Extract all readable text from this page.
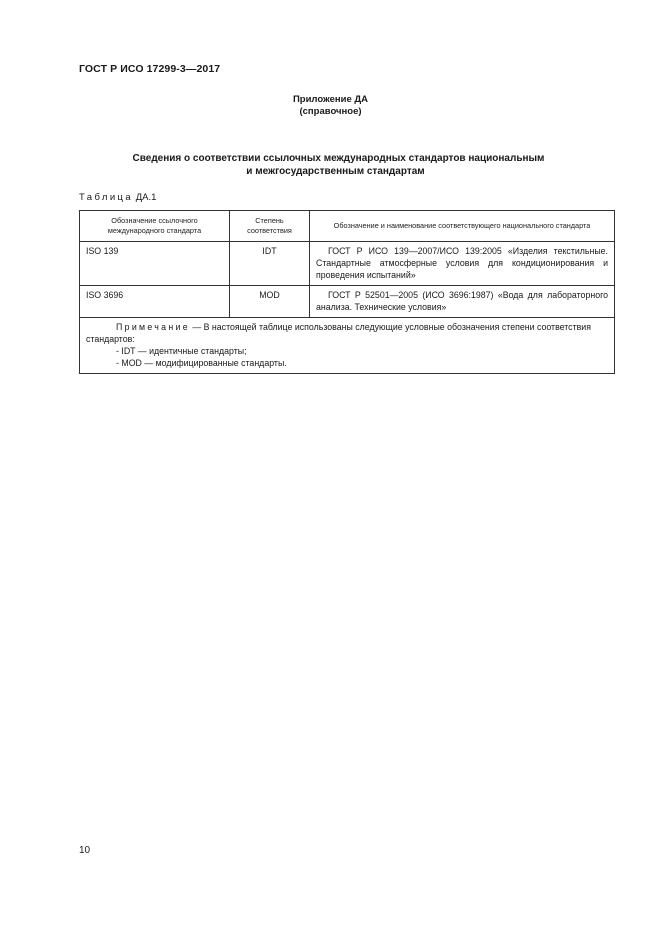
ГОСТ Р ИСО 17299-3—2017
Приложение ДА
(справочное)
Сведения о соответствии ссылочных международных стандартов национальным
и межгосударственным стандартам
Таблица ДА.1
Обозначение ссылочного международного стандарта	Степень соответствия	Обозначение и наименование соответствующего национального стандарта
ISO 139	IDT	ГОСТ Р ИСО 139—2007/ИСО 139:2005 «Изделия текстильные. Стандартные атмосферные условия для кондиционирования и проведения испытаний»
ISO 3696	MOD	ГОСТ Р 52501—2005 (ИСО 3696:1987) «Вода для лабораторного анализа. Технические условия»

Примечание — В настоящей таблице использованы следующие условные обозначения степени соответствия стандартов:
- IDT — идентичные стандарты;
- MOD — модифицированные стандарты.		
10
